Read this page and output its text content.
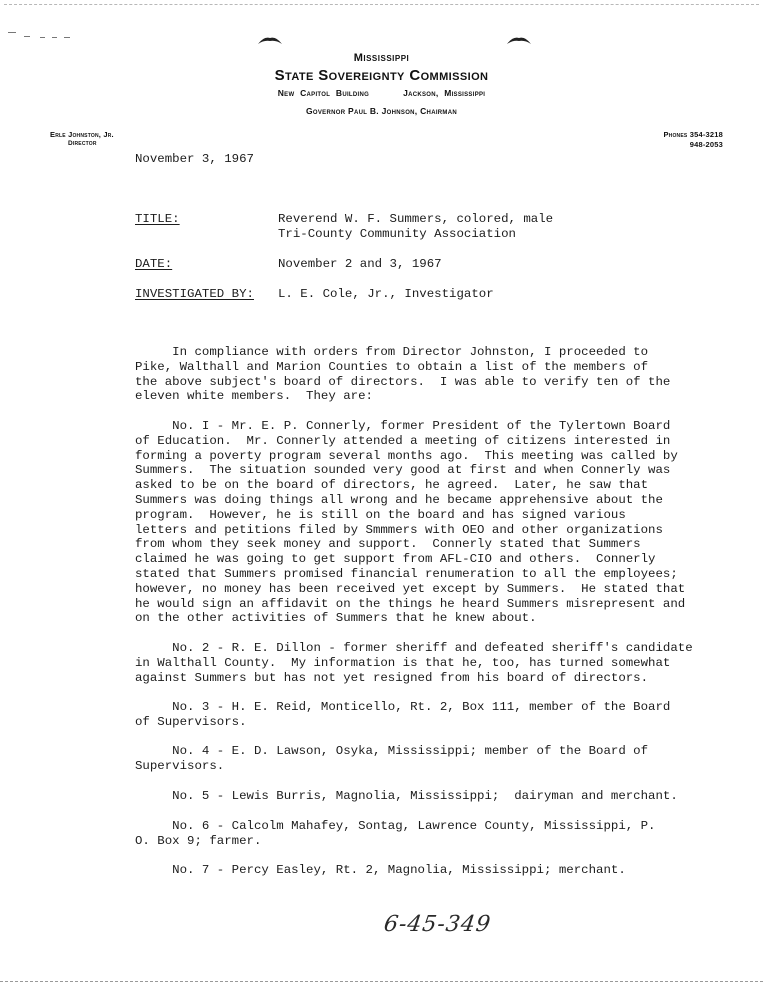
Mississippi
State Sovereignty Commission
New Capitol Building	Jackson, Mississippi
Governor Paul B. Johnson, Chairman
Erle Johnston, Jr.
Director
Phones 354-3218
948-2053
November 3, 1967
TITLE:	Reverend W. F. Summers, colored, male
Tri-County Community Association
DATE:	November 2 and 3, 1967
INVESTIGATED BY: L. E. Cole, Jr., Investigator
In compliance with orders from Director Johnston, I proceeded to
Pike, Walthall and Marion Counties to obtain a list of the members of
the above subject's board of directors.  I was able to verify ten of the
eleven white members.  They are:
No. I - Mr. E. P. Connerly, former President of the Tylertown Board
of Education.  Mr. Connerly attended a meeting of citizens interested in
forming a poverty program several months ago.  This meeting was called by
Summers.  The situation sounded very good at first and when Connerly was
asked to be on the board of directors, he agreed.  Later, he saw that
Summers was doing things all wrong and he became apprehensive about the
program.  However, he is still on the board and has signed various
letters and petitions filed by Smmmers with OEO and other organizations
from whom they seek money and support.  Connerly stated that Summers
claimed he was going to get support from AFL-CIO and others.  Connerly
stated that Summers promised financial renumeration to all the employees;
however, no money has been received yet except by Summers.  He stated that
he would sign an affidavit on the things he heard Summers misrepresent and
on the other activities of Summers that he knew about.
No. 2 - R. E. Dillon - former sheriff and defeated sheriff's candidate
in Walthall County.  My information is that he, too, has turned somewhat
against Summers but has not yet resigned from his board of directors.
No. 3 - H. E. Reid, Monticello, Rt. 2, Box 111, member of the Board
of Supervisors.
No. 4 - E. D. Lawson, Osyka, Mississippi; member of the Board of
Supervisors.
No. 5 - Lewis Burris, Magnolia, Mississippi;  dairyman and merchant.
No. 6 - Calcolm Mahafey, Sontag, Lawrence County, Mississippi, P.
O. Box 9; farmer.
No. 7 - Percy Easley, Rt. 2, Magnolia, Mississippi; merchant.
6-45-349
